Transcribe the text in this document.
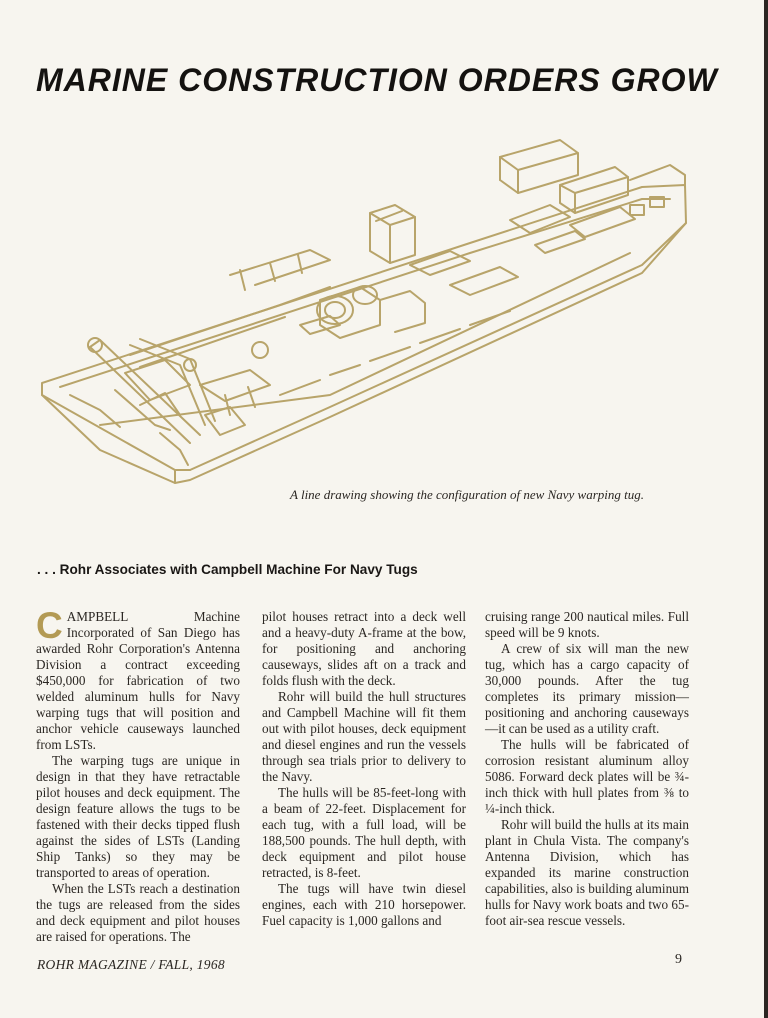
MARINE CONSTRUCTION ORDERS GROW
A line drawing showing the configuration of new Navy warping tug.
. . . Rohr Associates with Campbell Machine For Navy Tugs

CAMPBELL Machine Incorporated of San Diego has awarded Rohr Corporation's Antenna Division a contract exceeding $450,000 for fabrication of two welded aluminum hulls for Navy warping tugs that will position and anchor vehicle causeways launched from LSTs.

The warping tugs are unique in design in that they have retractable pilot houses and deck equipment. The design feature allows the tugs to be fastened with their decks tipped flush against the sides of LSTs (Landing Ship Tanks) so they may be transported to areas of operation.

When the LSTs reach a destination the tugs are released from the sides and deck equipment and pilot houses are raised for operations. The

pilot houses retract into a deck well and a heavy-duty A-frame at the bow, for positioning and anchoring causeways, slides aft on a track and folds flush with the deck.

Rohr will build the hull structures and Campbell Machine will fit them out with pilot houses, deck equipment and diesel engines and run the vessels through sea trials prior to delivery to the Navy.

The hulls will be 85-feet-long with a beam of 22-feet. Displacement for each tug, with a full load, will be 188,500 pounds. The hull depth, with deck equipment and pilot house retracted, is 8-feet.

The tugs will have twin diesel engines, each with 210 horsepower. Fuel capacity is 1,000 gallons and

cruising range 200 nautical miles. Full speed will be 9 knots.

A crew of six will man the new tug, which has a cargo capacity of 30,000 pounds. After the tug completes its primary mission—positioning and anchoring causeways—it can be used as a utility craft.

The hulls will be fabricated of corrosion resistant aluminum alloy 5086. Forward deck plates will be ¾-inch thick with hull plates from ⅜ to ¼-inch thick.

Rohr will build the hulls at its main plant in Chula Vista. The company's Antenna Division, which has expanded its marine construction capabilities, also is building aluminum hulls for Navy work boats and two 65-foot air-sea rescue vessels.

ROHR MAGAZINE / FALL, 1968	9
